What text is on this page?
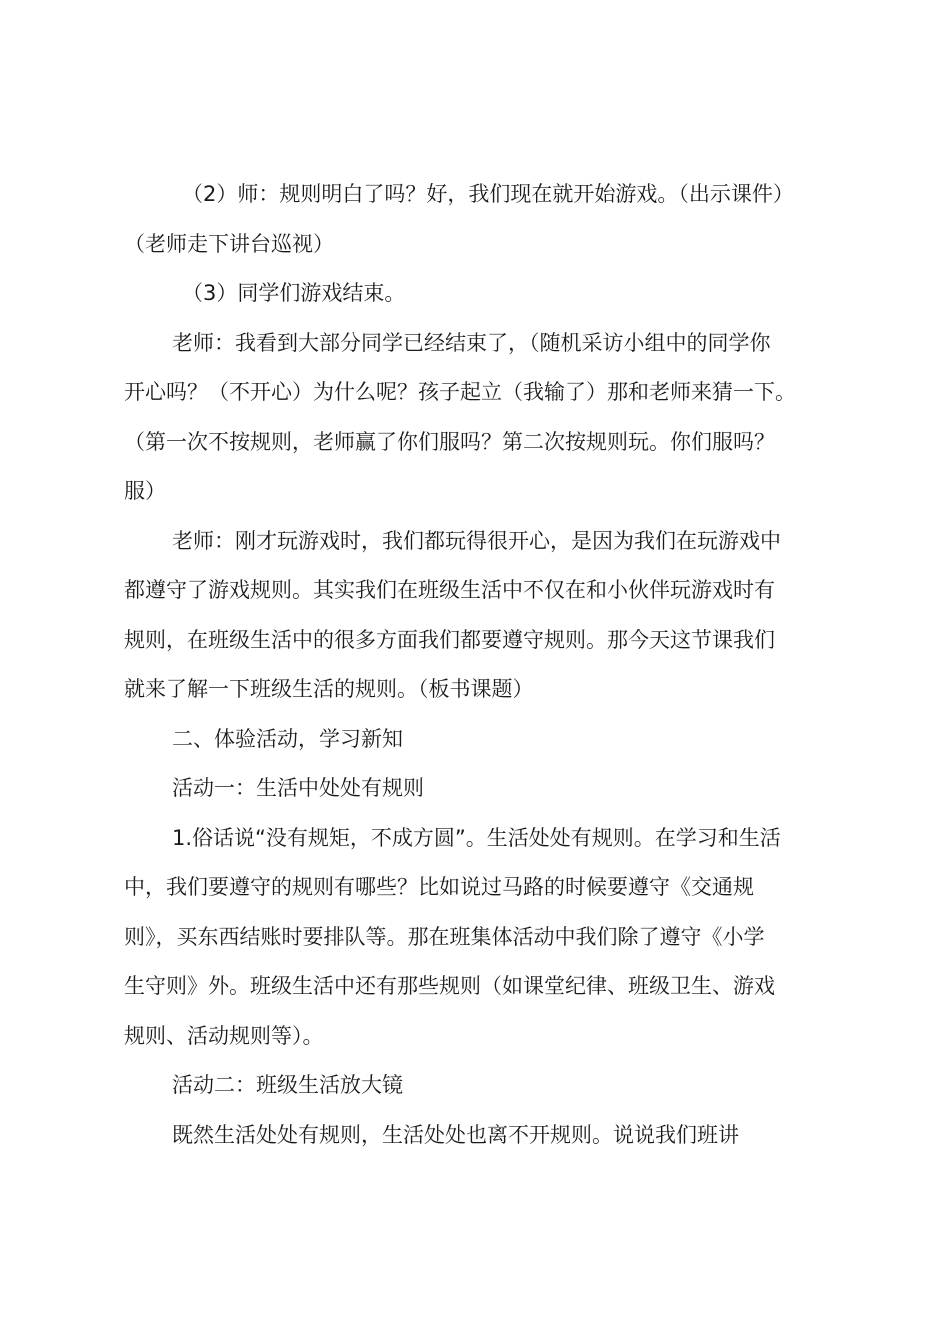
（2）师：规则明白了吗？好，我们现在就开始游戏。（出示课件）
（老师走下讲台巡视）
（3）同学们游戏结束。
老师：我看到大部分同学已经结束了，（随机采访小组中的同学你
开心吗？（不开心）为什么呢？孩子起立（我输了）那和老师来猜一下。
（第一次不按规则，老师赢了你们服吗？第二次按规则玩。你们服吗？
服）
老师：刚才玩游戏时，我们都玩得很开心，是因为我们在玩游戏中
都遵守了游戏规则。其实我们在班级生活中不仅在和小伙伴玩游戏时有
规则，在班级生活中的很多方面我们都要遵守规则。那今天这节课我们
就来了解一下班级生活的规则。（板书课题）
二、体验活动，学习新知
活动一：生活中处处有规则
1.俗话说“没有规矩，不成方圆”。生活处处有规则。在学习和生活
中，我们要遵守的规则有哪些？比如说过马路的时候要遵守《交通规
则》，买东西结账时要排队等。那在班集体活动中我们除了遵守《小学
生守则》外。班级生活中还有那些规则（如课堂纪律、班级卫生、游戏
规则、活动规则等）。
活动二：班级生活放大镜
既然生活处处有规则，生活处处也离不开规则。说说我们班讲
